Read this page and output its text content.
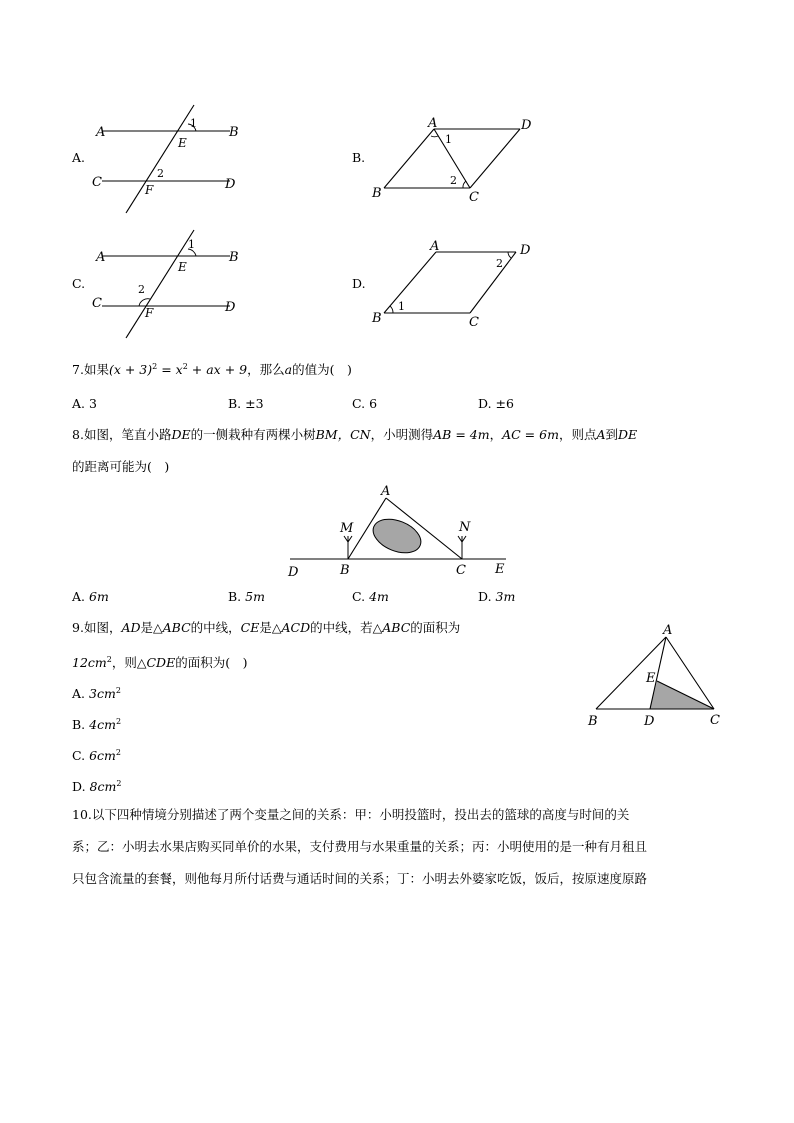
A.
A	B
C	D
E
F
1
2
B.
A	D
B	C
1
2
C.
A	B
C	D
E
F
1
2	D.
A	D
B	C
1
2
7.如果$(x + 3)^2 = x^2$ + ax + 9，那么a的值为(　)
A. 3	B. ±3	C. 6	D. ±6
8.如图，笔直小路DE的一侧栽种有两棵小树BM，CN，小明测得AB = 4m，AC = 6m，则点A到DE
的距离可能为(　)
A
M	N
B	C
D	E
A. 6m	B. 5m	C. 4m	D. 3m
9.如图，AD是△ABC的中线，CE是△ACD的中线，若△ABC的面积为
$12cm^2$，则△CDE的面积为(　)
A. $3cm^2$
B. $4cm^2$
C. $6cm^2$
D. $8cm^2$
A
E
B	D	C
10.以下四种情境分别描述了两个变量之间的关系：甲：小明投篮时，投出去的篮球的高度与时间的关
系；乙：小明去水果店购买同单价的水果，支付费用与水果重量的关系；丙：小明使用的是一种有月租且
只包含流量的套餐，则他每月所付话费与通话时间的关系；丁：小明去外婆家吃饭，饭后，按原速度原路
